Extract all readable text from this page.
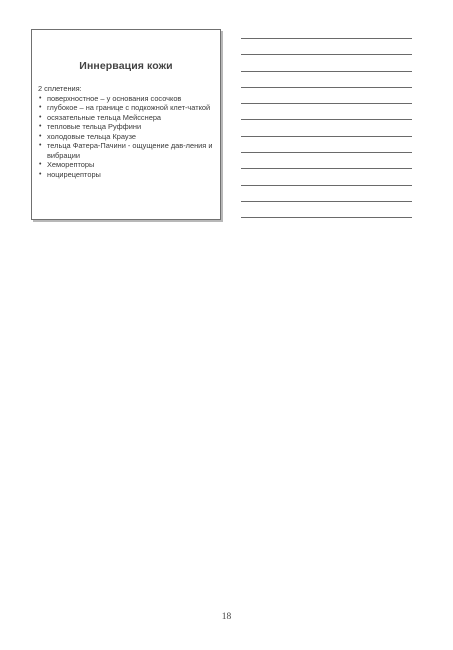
Иннервация кожи
2 сплетения:
• поверхностное – у основания сосочков
• глубокое – на границе с подкожной клет-чаткой
• осязательные тельца Мейсснера
• тепловые тельца Руффини
• холодовые тельца Краузе
• тельца Фатера-Пачини - ощущение дав-ления и вибрации
• Хеморепторы
• ноцирецепторы
18
